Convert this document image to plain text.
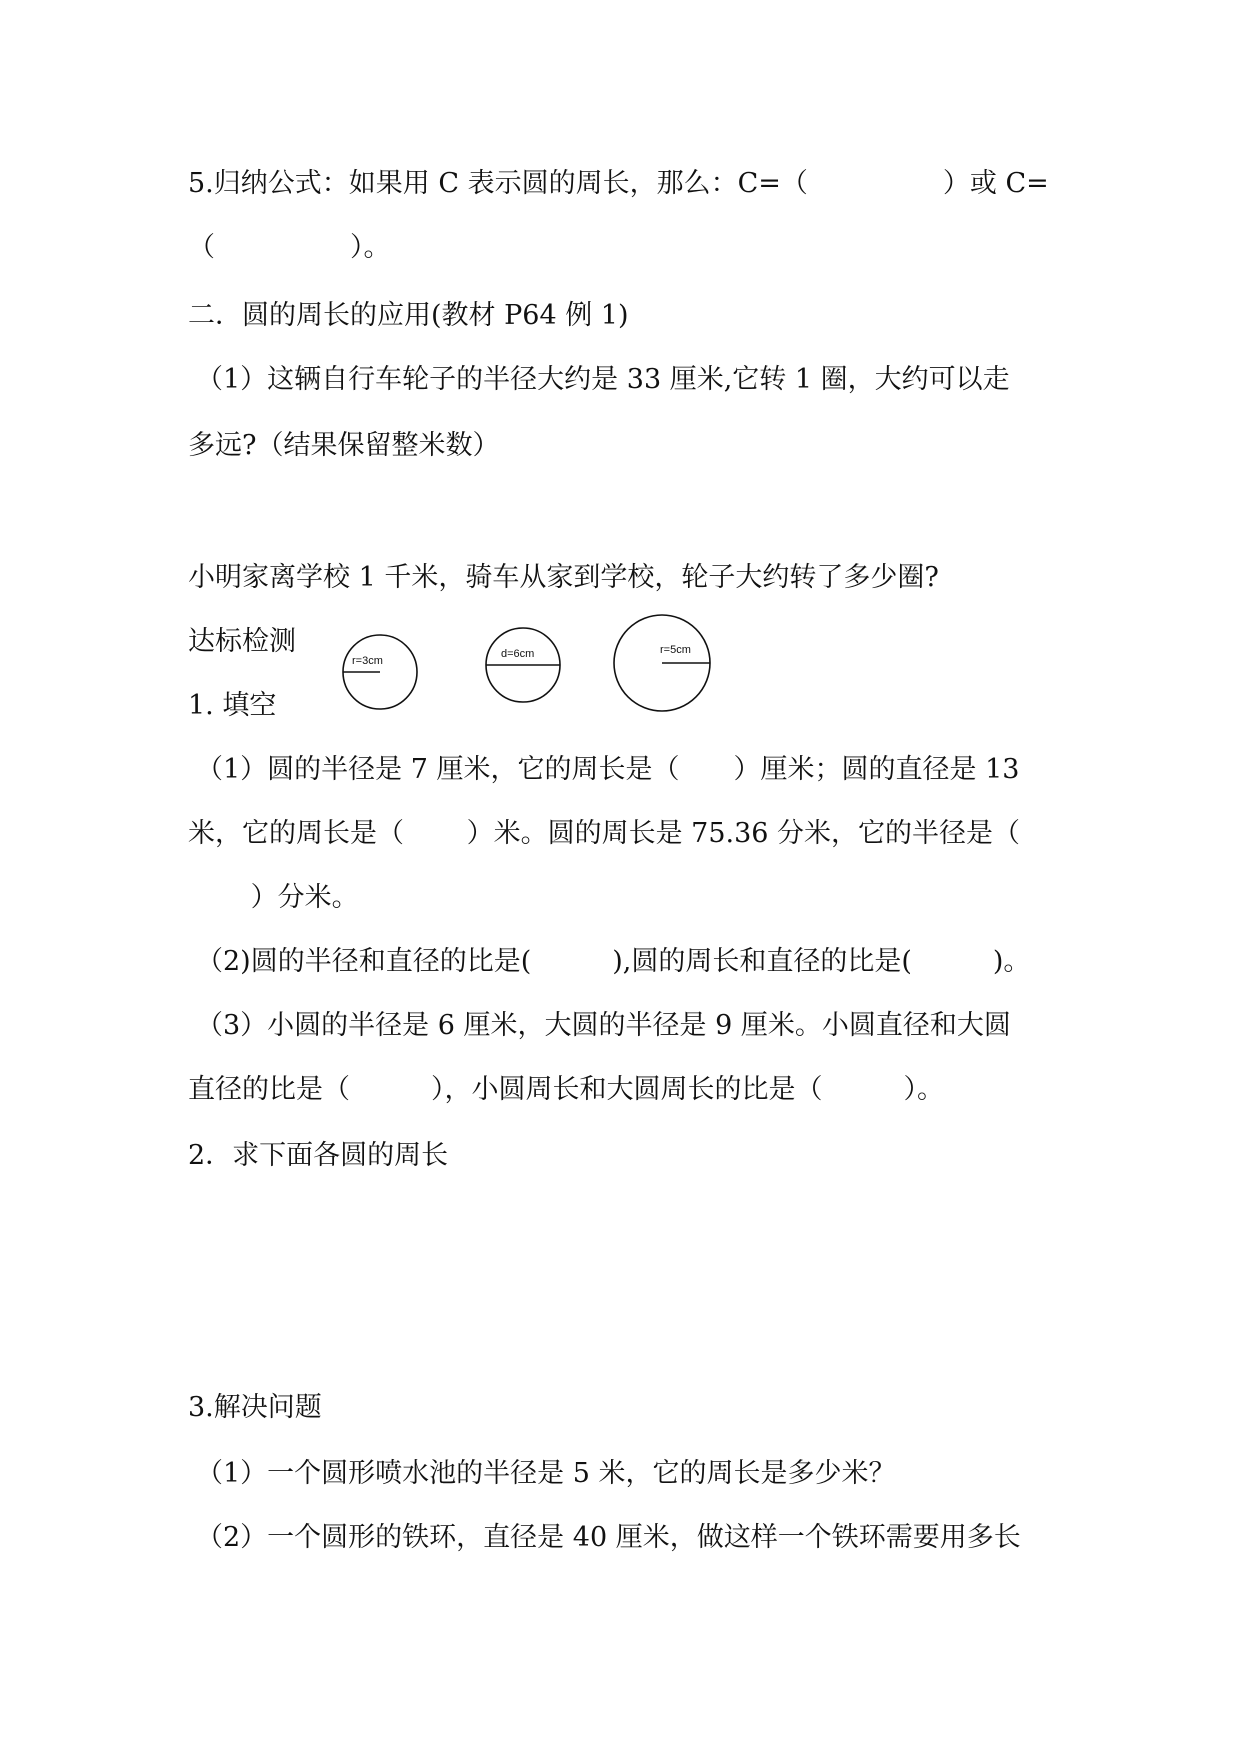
5.归纳公式：如果用 C 表示圆的周长，那么：C=（　　　　　）或 C=
（　　　　　）。
二．圆的周长的应用(教材 P64 例 1)
（1）这辆自行车轮子的半径大约是 33 厘米,它转 1 圈，大约可以走
多远?（结果保留整米数）
小明家离学校 1 千米，骑车从家到学校，轮子大约转了多少圈?
达标检测
1. 填空
（1）圆的半径是 7 厘米，它的周长是（　　）厘米；圆的直径是 13
米，它的周长是（　　 ）米。圆的周长是 75.36 分米，它的半径是（
　　 ）分米。
（2)圆的半径和直径的比是(　　　),圆的周长和直径的比是(　　　)。
（3）小圆的半径是 6 厘米，大圆的半径是 9 厘米。小圆直径和大圆
直径的比是（　　　），小圆周长和大圆周长的比是（　　　）。
2．求下面各圆的周长
3.解决问题
（1）一个圆形喷水池的半径是 5 米，它的周长是多少米？
（2）一个圆形的铁环，直径是 40 厘米，做这样一个铁环需要用多长
r=3cm
d=6cm	r=5cm
